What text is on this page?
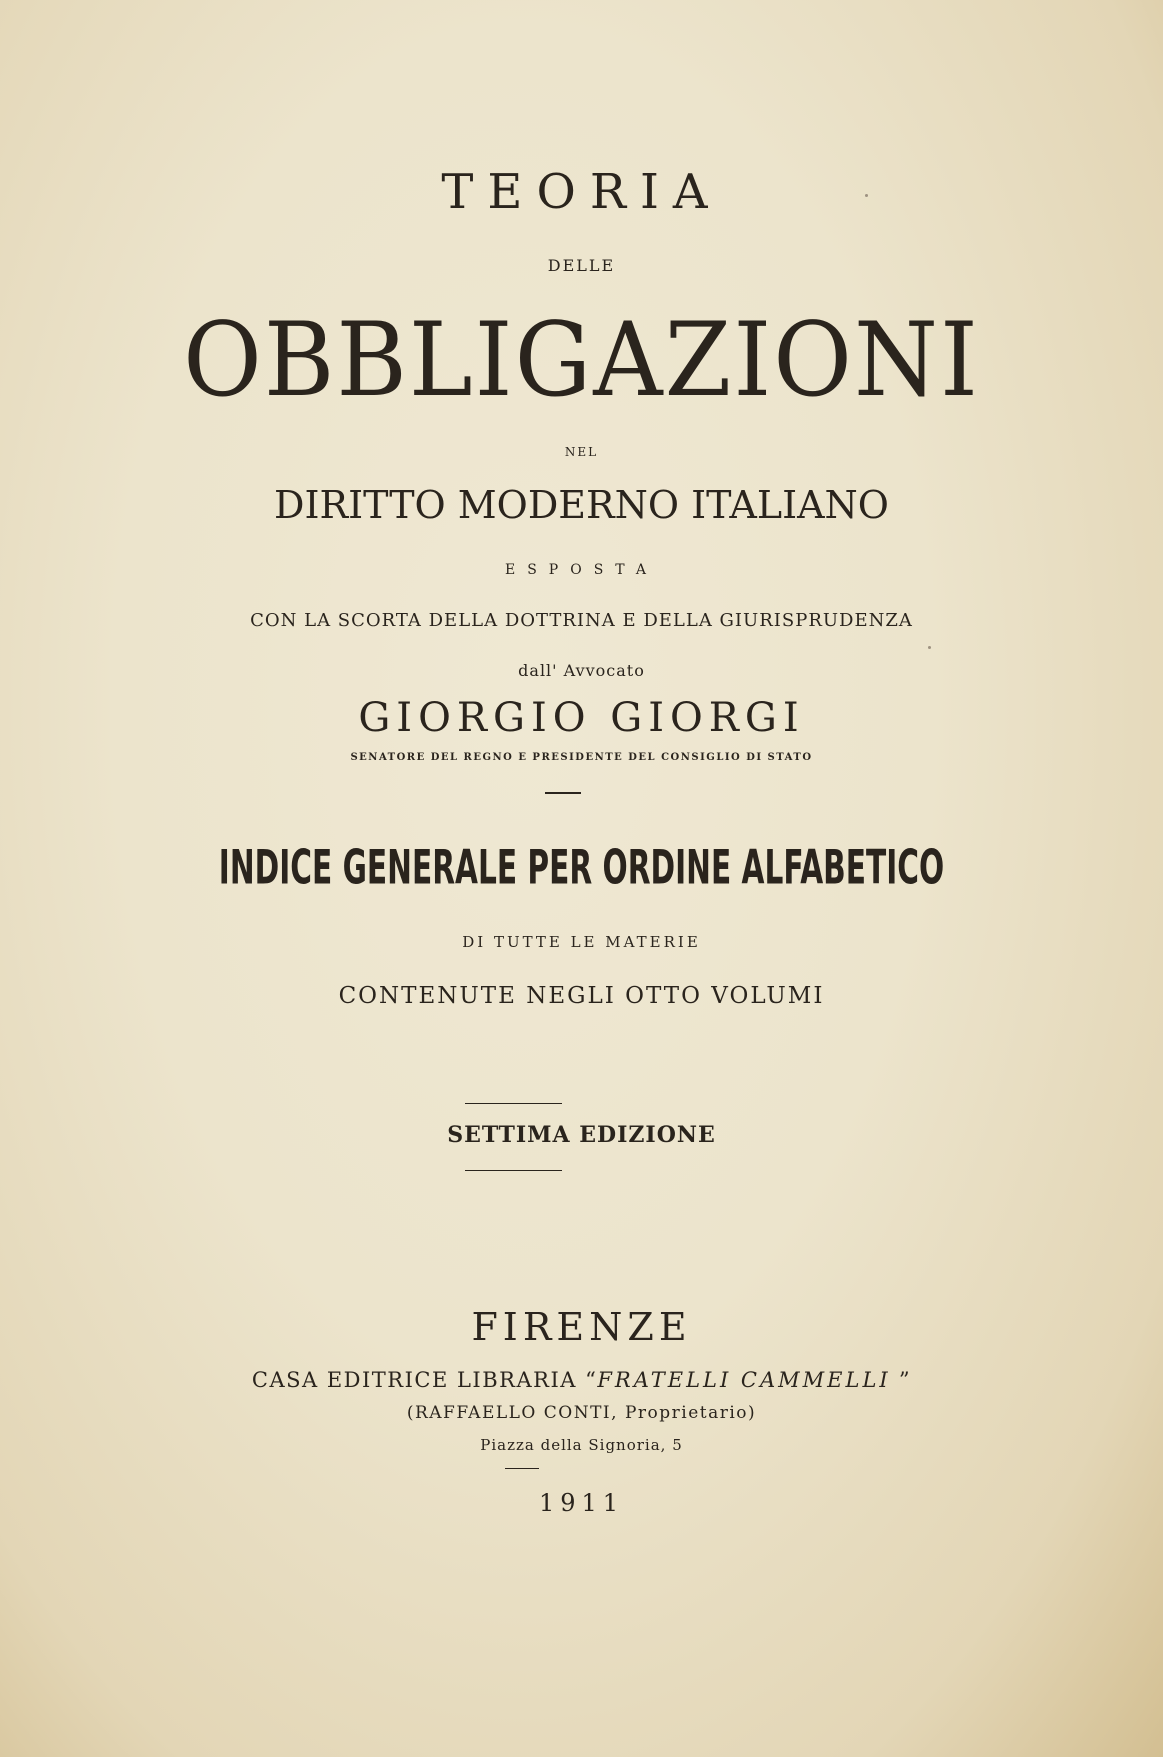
TEORIA
DELLE
OBBLIGAZIONI
NEL
DIRITTO MODERNO ITALIANO
ESPOSTA
CON LA SCORTA DELLA DOTTRINA E DELLA GIURISPRUDENZA
dall' Avvocato
GIORGIO GIORGI
SENATORE DEL REGNO E PRESIDENTE DEL CONSIGLIO DI STATO
INDICE GENERALE PER ORDINE ALFABETICO
DI TUTTE LE MATERIE
CONTENUTE NEGLI OTTO VOLUMI
SETTIMA EDIZIONE
FIRENZE
CASA EDITRICE LIBRARIA “FRATELLI CAMMELLI ”
(RAFFAELLO CONTI, Proprietario)
Piazza della Signoria, 5
1911
